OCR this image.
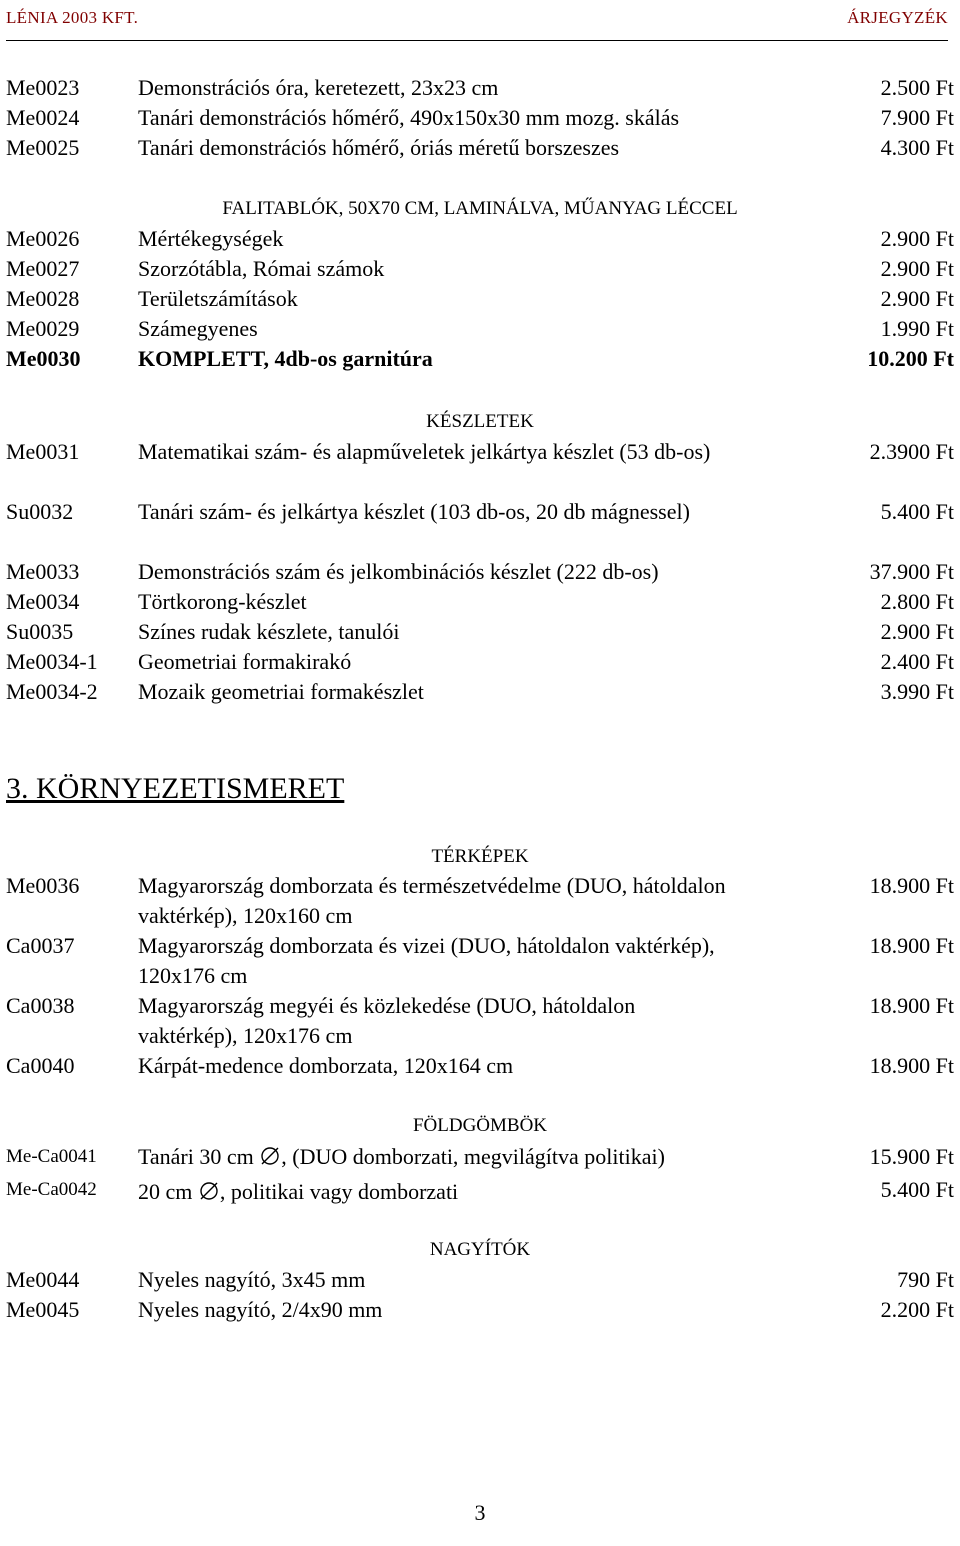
LÉNIA 2003 KFT.	ÁRJEGYZÉK
Me0023	Demonstrációs óra, keretezett, 23x23 cm	2.500 Ft
Me0024	Tanári demonstrációs hőmérő, 490x150x30 mm mozg. skálás	7.900 Ft
Me0025	Tanári demonstrációs hőmérő, óriás méretű borszeszes	4.300 Ft
FALITABLÓK, 50X70 CM, LAMINÁLVA, MŰANYAG LÉCCEL
Me0026	Mértékegységek	2.900 Ft
Me0027	Szorzótábla, Római számok	2.900 Ft
Me0028	Területszámítások	2.900 Ft
Me0029	Számegyenes	1.990 Ft
Me0030	KOMPLETT, 4db-os garnitúra	10.200 Ft
KÉSZLETEK
Me0031	Matematikai szám- és alapműveletek jelkártya készlet (53 db-os)	2.3900 Ft
Su0032	Tanári szám- és jelkártya készlet (103 db-os, 20 db mágnessel)	5.400 Ft
Me0033	Demonstrációs szám és jelkombinációs készlet (222 db-os)	37.900 Ft
Me0034	Törtkorong-készlet	2.800 Ft
Su0035	Színes rudak készlete, tanulói	2.900 Ft
Me0034-1 Geometriai formakirakó	2.400 Ft
Me0034-2 Mozaik geometriai formakészlet	3.990 Ft
3. KÖRNYEZETISMERET
TÉRKÉPEK
Me0036	Magyarország domborzata és természetvédelme (DUO, hátoldalon vaktérkép), 120x160 cm
18.900 Ft
Ca0037	Magyarország domborzata és vizei (DUO, hátoldalon vaktérkép), 120x176 cm
18.900 Ft
Ca0038	Magyarország megyéi és közlekedése (DUO, hátoldalon vaktérkép), 120x176 cm
18.900 Ft
Ca0040	Kárpát-medence domborzata, 120x164 cm	18.900 Ft
FÖLDGÖMBÖK
Me-Ca0041 Tanári 30 cm , (DUO domborzati, megvilágítva politikai)	15.900 Ft
Me-Ca0042 20 cm , politikai vagy domborzati	5.400 Ft
NAGYÍTÓK
Me0044	Nyeles nagyító, 3x45 mm	790 Ft
Me0045	Nyeles nagyító, 2/4x90 mm	2.200 Ft
3
